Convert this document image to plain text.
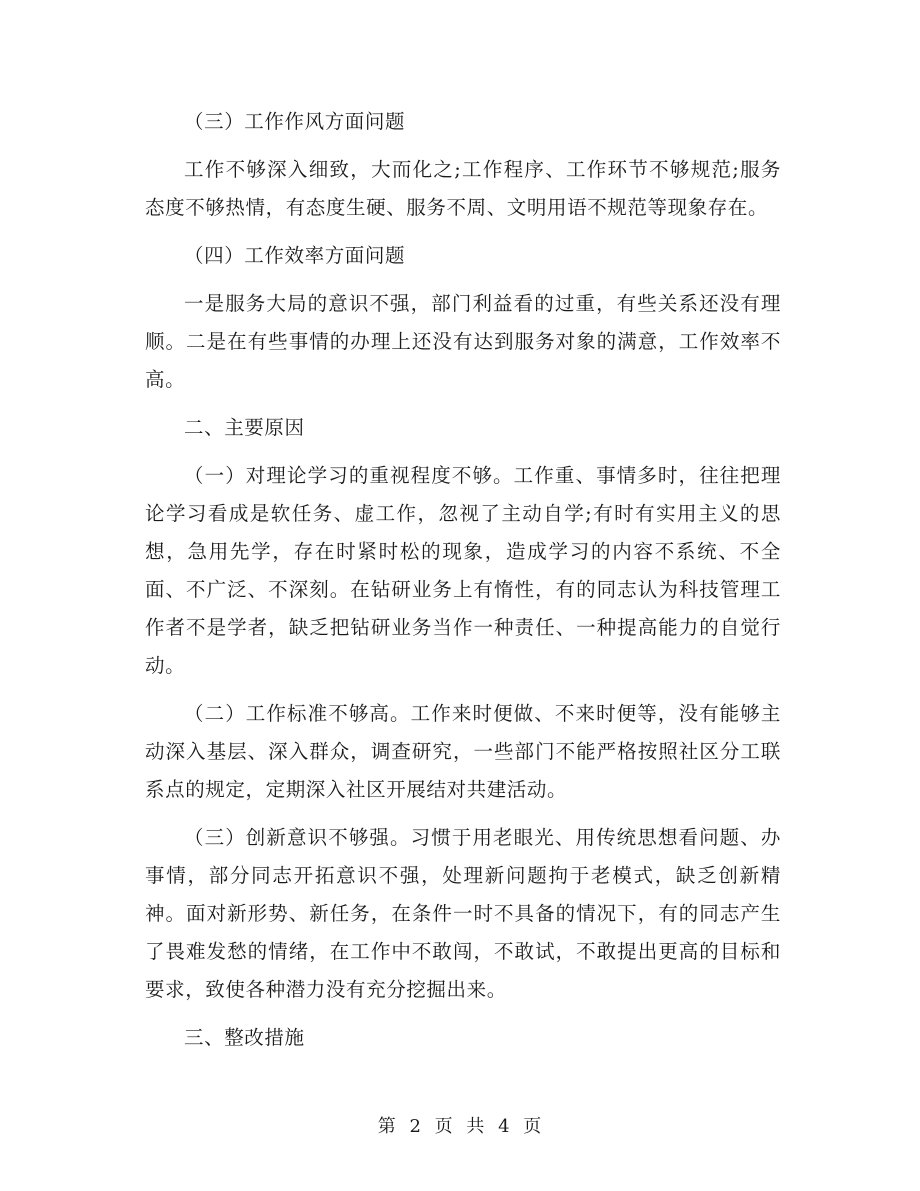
（三）工作作风方面问题

工作不够深入细致，大而化之;工作程序、工作环节不够规范;服务态度不够热情，有态度生硬、服务不周、文明用语不规范等现象存在。

（四）工作效率方面问题

一是服务大局的意识不强，部门利益看的过重，有些关系还没有理顺。二是在有些事情的办理上还没有达到服务对象的满意，工作效率不高。

二、主要原因

（一）对理论学习的重视程度不够。工作重、事情多时，往往把理论学习看成是软任务、虚工作，忽视了主动自学;有时有实用主义的思想，急用先学，存在时紧时松的现象，造成学习的内容不系统、不全面、不广泛、不深刻。在钻研业务上有惰性，有的同志认为科技管理工作者不是学者，缺乏把钻研业务当作一种责任、一种提高能力的自觉行动。

（二）工作标准不够高。工作来时便做、不来时便等，没有能够主动深入基层、深入群众，调查研究，一些部门不能严格按照社区分工联系点的规定，定期深入社区开展结对共建活动。

（三）创新意识不够强。习惯于用老眼光、用传统思想看问题、办事情，部分同志开拓意识不强，处理新问题拘于老模式，缺乏创新精神。面对新形势、新任务，在条件一时不具备的情况下，有的同志产生了畏难发愁的情绪，在工作中不敢闯，不敢试，不敢提出更高的目标和要求，致使各种潜力没有充分挖掘出来。

三、整改措施

第 2 页 共 4 页
